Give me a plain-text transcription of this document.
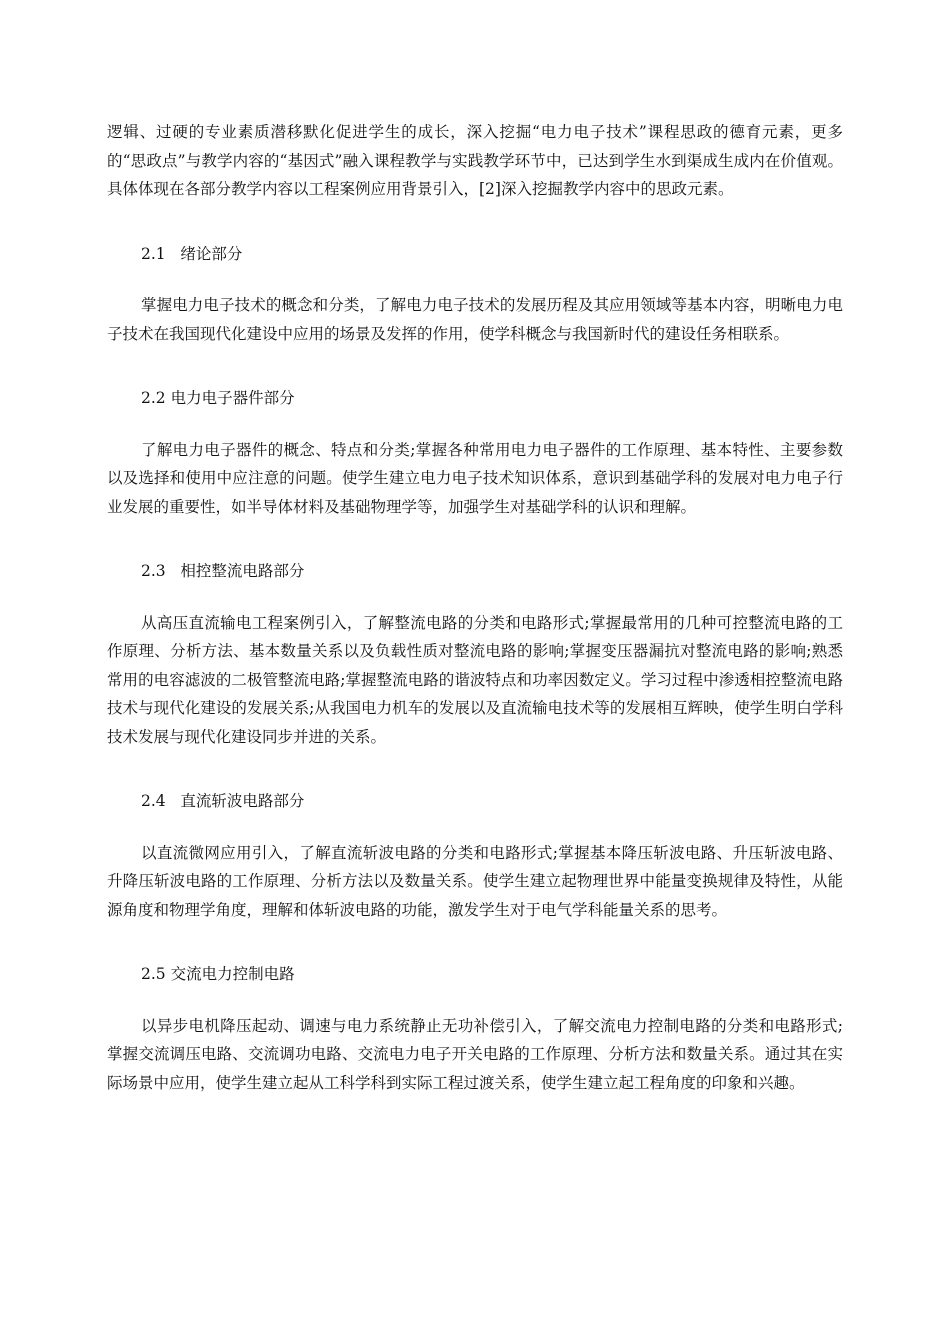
逻辑、过硬的专业素质潜移默化促进学生的成长，深入挖掘“电力电子技术”课程思政的德育元素，更多的“思政点”与教学内容的“基因式”融入课程教学与实践教学环节中，已达到学生水到渠成生成内在价值观。具体体现在各部分教学内容以工程案例应用背景引入，[2]深入挖掘教学内容中的思政元素。

2.1   绪论部分

掌握电力电子技术的概念和分类，了解电力电子技术的发展历程及其应用领域等基本内容，明晰电力电子技术在我国现代化建设中应用的场景及发挥的作用，使学科概念与我国新时代的建设任务相联系。

2.2 电力电子器件部分

了解电力电子器件的概念、特点和分类;掌握各种常用电力电子器件的工作原理、基本特性、主要参数以及选择和使用中应注意的问题。使学生建立电力电子技术知识体系，意识到基础学科的发展对电力电子行业发展的重要性，如半导体材料及基础物理学等，加强学生对基础学科的认识和理解。

2.3   相控整流电路部分

从高压直流输电工程案例引入，了解整流电路的分类和电路形式;掌握最常用的几种可控整流电路的工作原理、分析方法、基本数量关系以及负载性质对整流电路的影响;掌握变压器漏抗对整流电路的影响;熟悉常用的电容滤波的二极管整流电路;掌握整流电路的谐波特点和功率因数定义。学习过程中渗透相控整流电路技术与现代化建设的发展关系;从我国电力机车的发展以及直流输电技术等的发展相互辉映，使学生明白学科技术发展与现代化建设同步并进的关系。

2.4   直流斩波电路部分

以直流微网应用引入，了解直流斩波电路的分类和电路形式;掌握基本降压斩波电路、升压斩波电路、升降压斩波电路的工作原理、分析方法以及数量关系。使学生建立起物理世界中能量变换规律及特性，从能源角度和物理学角度，理解和体斩波电路的功能，激发学生对于电气学科能量关系的思考。

2.5 交流电力控制电路

以异步电机降压起动、调速与电力系统静止无功补偿引入，了解交流电力控制电路的分类和电路形式;掌握交流调压电路、交流调功电路、交流电力电子开关电路的工作原理、分析方法和数量关系。通过其在实际场景中应用，使学生建立起从工科学科到实际工程过渡关系，使学生建立起工程角度的印象和兴趣。
